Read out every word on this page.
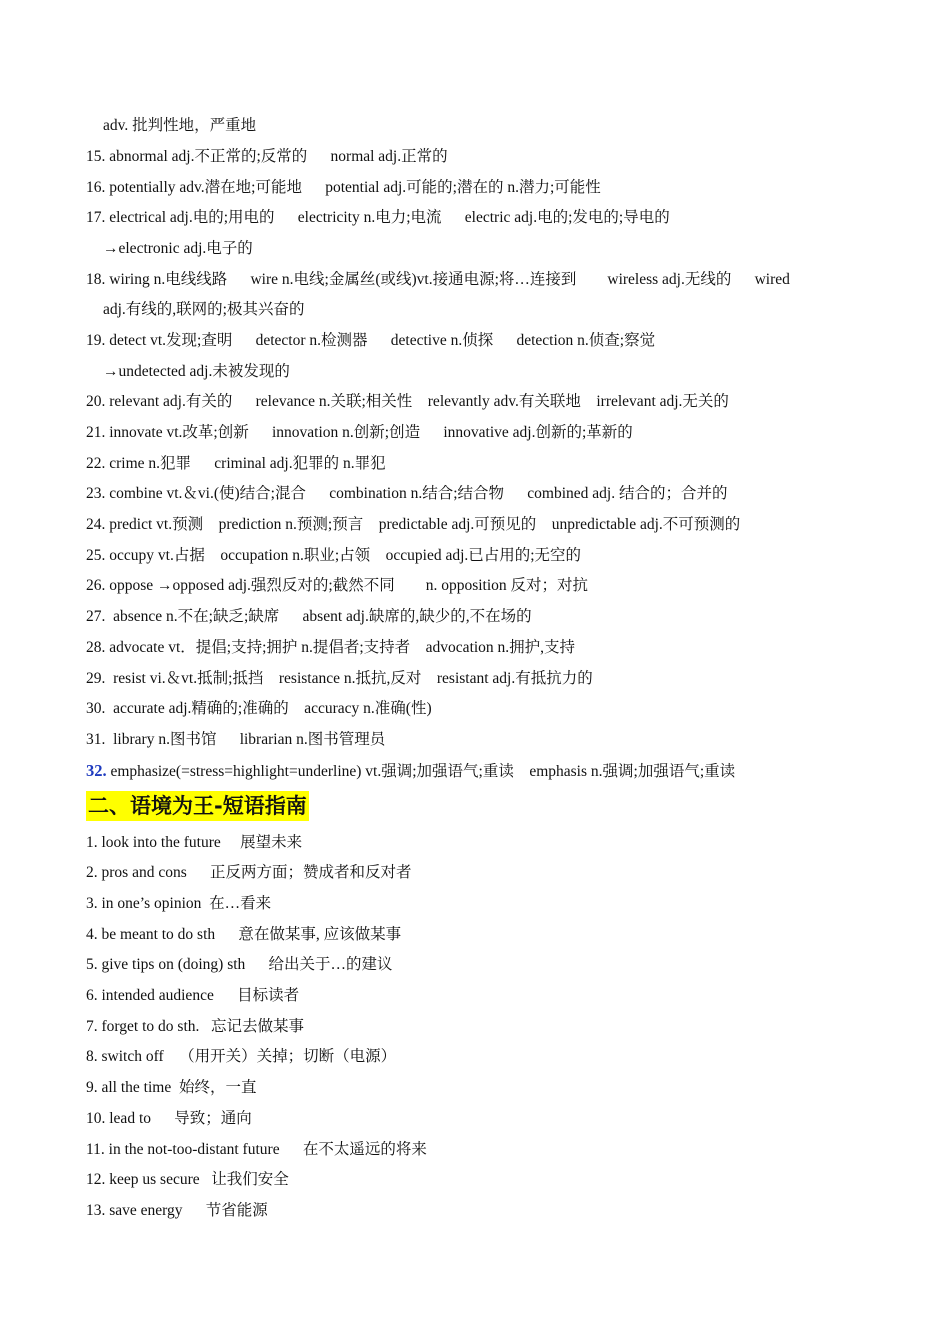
adv. 批判性地，严重地
15. abnormal adj.不正常的;反常的      normal adj.正常的
16. potentially adv.潜在地;可能地      potential adj.可能的;潜在的 n.潜力;可能性
17. electrical adj.电的;用电的      electricity n.电力;电流      electric adj.电的;发电的;导电的
→electronic adj.电子的
18. wiring n.电线线路      wire n.电线;金属丝(或线)vt.接通电源;将…连接到        wireless adj.无线的      wired
adj.有线的,联网的;极其兴奋的
19. detect vt.发现;查明      detector n.检测器      detective n.侦探      detection n.侦查;察觉
→undetected adj.未被发现的
20. relevant adj.有关的      relevance n.关联;相关性    relevantly adv.有关联地    irrelevant adj.无关的
21. innovate vt.改革;创新      innovation n.创新;创造      innovative adj.创新的;革新的
22. crime n.犯罪      criminal adj.犯罪的 n.罪犯
23. combine vt.＆vi.(使)结合;混合      combination n.结合;结合物      combined adj. 结合的；合并的
24. predict vt.预测    prediction n.预测;预言    predictable adj.可预见的    unpredictable adj.不可预测的
25. occupy vt.占据    occupation n.职业;占领    occupied adj.已占用的;无空的
26. oppose →opposed adj.强烈反对的;截然不同        n. opposition 反对；对抗
27.  absence n.不在;缺乏;缺席      absent adj.缺席的,缺少的,不在场的
28. advocate vt．提倡;支持;拥护 n.提倡者;支持者    advocation n.拥护,支持
29.  resist vi.＆vt.抵制;抵挡    resistance n.抵抗,反对    resistant adj.有抵抗力的
30.  accurate adj.精确的;准确的    accuracy n.准确(性)
31.  library n.图书馆      librarian n.图书管理员
32. emphasize(=stress=highlight=underline) vt.强调;加强语气;重读    emphasis n.强调;加强语气;重读
二、语境为王-短语指南
1. look into the future     展望未来
2. pros and cons      正反两方面；赞成者和反对者
3. in one’s opinion  在…看来
4. be meant to do sth      意在做某事, 应该做某事
5. give tips on (doing) sth      给出关于…的建议
6. intended audience      目标读者
7. forget to do sth.   忘记去做某事
8. switch off    （用开关）关掉；切断（电源）
9. all the time  始终，一直
10. lead to      导致；通向
11. in the not-too-distant future      在不太遥远的将来
12. keep us secure   让我们安全
13. save energy      节省能源
